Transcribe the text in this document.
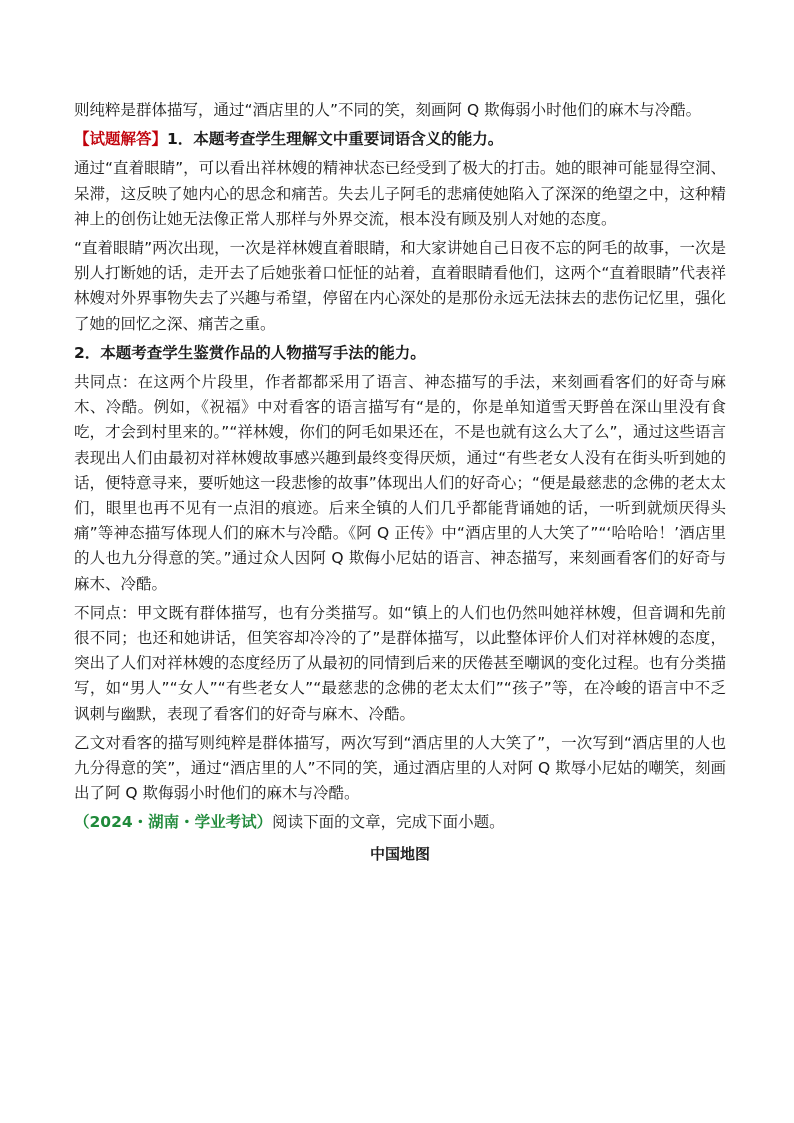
则纯粹是群体描写，通过“酒店里的人”不同的笑，刻画阿 Q 欺侮弱小时他们的麻木与冷酷。

【试题解答】1．本题考查学生理解文中重要词语含义的能力。

通过“直着眼睛”，可以看出祥林嫂的精神状态已经受到了极大的打击。她的眼神可能显得空洞、呆滞，这反映了她内心的思念和痛苦。失去儿子阿毛的悲痛使她陷入了深深的绝望之中，这种精神上的创伤让她无法像正常人那样与外界交流，根本没有顾及别人对她的态度。

“直着眼睛”两次出现，一次是祥林嫂直着眼睛，和大家讲她自己日夜不忘的阿毛的故事，一次是别人打断她的话，走开去了后她张着口怔怔的站着，直着眼睛看他们，这两个“直着眼睛”代表祥林嫂对外界事物失去了兴趣与希望，停留在内心深处的是那份永远无法抹去的悲伤记忆里，强化了她的回忆之深、痛苦之重。

2．本题考查学生鉴赏作品的人物描写手法的能力。

共同点：在这两个片段里，作者都都采用了语言、神态描写的手法，来刻画看客们的好奇与麻木、冷酷。例如，《祝福》中对看客的语言描写有“是的，你是单知道雪天野兽在深山里没有食吃，才会到村里来的。”“祥林嫂，你们的阿毛如果还在，不是也就有这么大了么”，通过这些语言表现出人们由最初对祥林嫂故事感兴趣到最终变得厌烦，通过“有些老女人没有在街头听到她的话，便特意寻来，要听她这一段悲惨的故事”体现出人们的好奇心；“便是最慈悲的念佛的老太太们，眼里也再不见有一点泪的痕迹。后来全镇的人们几乎都能背诵她的话，一听到就烦厌得头痛”等神态描写体现人们的麻木与冷酷。《阿 Q 正传》中“酒店里的人大笑了”“‘哈哈哈！’酒店里的人也九分得意的笑。”通过众人因阿 Q 欺侮小尼姑的语言、神态描写，来刻画看客们的好奇与麻木、冷酷。

不同点：甲文既有群体描写，也有分类描写。如“镇上的人们也仍然叫她祥林嫂，但音调和先前很不同；也还和她讲话，但笑容却冷冷的了”是群体描写，以此整体评价人们对祥林嫂的态度，突出了人们对祥林嫂的态度经历了从最初的同情到后来的厌倦甚至嘲讽的变化过程。也有分类描写，如“男人”“女人”“有些老女人”“最慈悲的念佛的老太太们”“孩子”等，在冷峻的语言中不乏讽刺与幽默，表现了看客们的好奇与麻木、冷酷。

乙文对看客的描写则纯粹是群体描写，两次写到“酒店里的人大笑了”，一次写到“酒店里的人也九分得意的笑”，通过“酒店里的人”不同的笑，通过酒店里的人对阿 Q 欺辱小尼姑的嘲笑，刻画出了阿 Q 欺侮弱小时他们的麻木与冷酷。

（2024・湖南・学业考试）阅读下面的文章，完成下面小题。

中国地图
